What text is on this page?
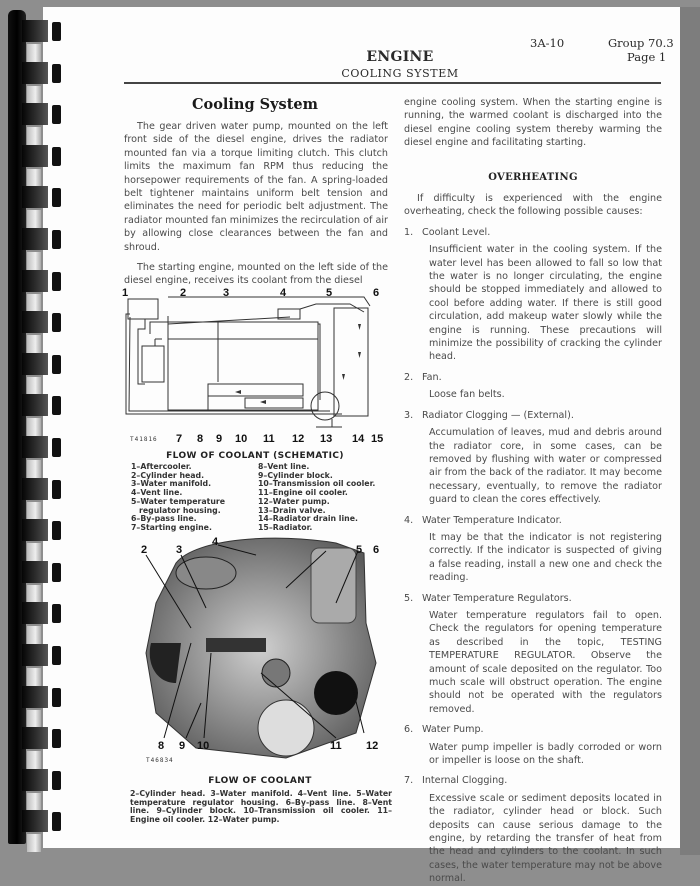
3A-10	Group 70.3
Page 1
ENGINE
COOLING SYSTEM
Cooling System

The gear driven water pump, mounted on the left front side of the diesel engine, drives the radiator mounted fan via a torque limiting clutch. This clutch limits the maximum fan RPM thus reducing the horsepower requirements of the fan. A spring-loaded belt tightener maintains uniform belt tension and eliminates the need for periodic belt adjustment. The radiator mounted fan minimizes the recirculation of air by allowing close clearances between the fan and shroud.

The starting engine, mounted on the left side of the diesel engine, receives its coolant from the diesel

1	2	3	4	5	6
7 8 9 10 11 12 13 14 15
T41816
FLOW OF COOLANT (SCHEMATIC)
1–Aftercooler.
2–Cylinder head.
3–Water manifold.
4–Vent line.
5–Water temperature
regulator housing.
6–By-pass line.
7–Starting engine.
8–Vent line.
9–Cylinder block.
10–Transmission oil cooler.
11–Engine oil cooler.
12–Water pump.
13–Drain valve.
14–Radiator drain line.
15–Radiator.
2	3
4
5 6
8 9 10	11 12
T46834
FLOW OF COOLANT
2–Cylinder head. 3–Water manifold. 4–Vent line. 5–Water temperature regulator housing. 6–By-pass line. 8–Vent line. 9–Cylinder block. 10–Transmission oil cooler. 11–Engine oil cooler. 12–Water pump.
engine cooling system. When the starting engine is running, the warmed coolant is discharged into the diesel engine cooling system thereby warming the diesel engine and facilitating starting.
OVERHEATING

If difficulty is experienced with the engine overheating, check the following possible causes:

1. Coolant Level.
Insufficient water in the cooling system. If the water level has been allowed to fall so low that the water is no longer circulating, the engine should be stopped immediately and allowed to cool before adding water. If there is still good circulation, add makeup water slowly while the engine is running. These precautions will minimize the possibility of cracking the cylinder head.
2. Fan.
Loose fan belts.
3. Radiator Clogging — (External).
Accumulation of leaves, mud and debris around the radiator core, in some cases, can be removed by flushing with water or compressed air from the back of the radiator. It may become necessary, eventually, to remove the radiator guard to clean the cores effectively.
4. Water Temperature Indicator.
It may be that the indicator is not registering correctly. If the indicator is suspected of giving a false reading, install a new one and check the reading.
5. Water Temperature Regulators.
Water temperature regulators fail to open. Check the regulators for opening temperature as described in the topic, TESTING TEMPERATURE REGULATOR. Observe the amount of scale deposited on the regulator. Too much scale will obstruct operation. The engine should not be operated with the regulators removed.
6. Water Pump.
Water pump impeller is badly corroded or worn or impeller is loose on the shaft.
7. Internal Clogging.
Excessive scale or sediment deposits located in the radiator, cylinder head or block. Such deposits can cause serious damage to the engine, by retarding the transfer of heat from the head and cylinders to the coolant. In such cases, the water temperature may not be above normal.
